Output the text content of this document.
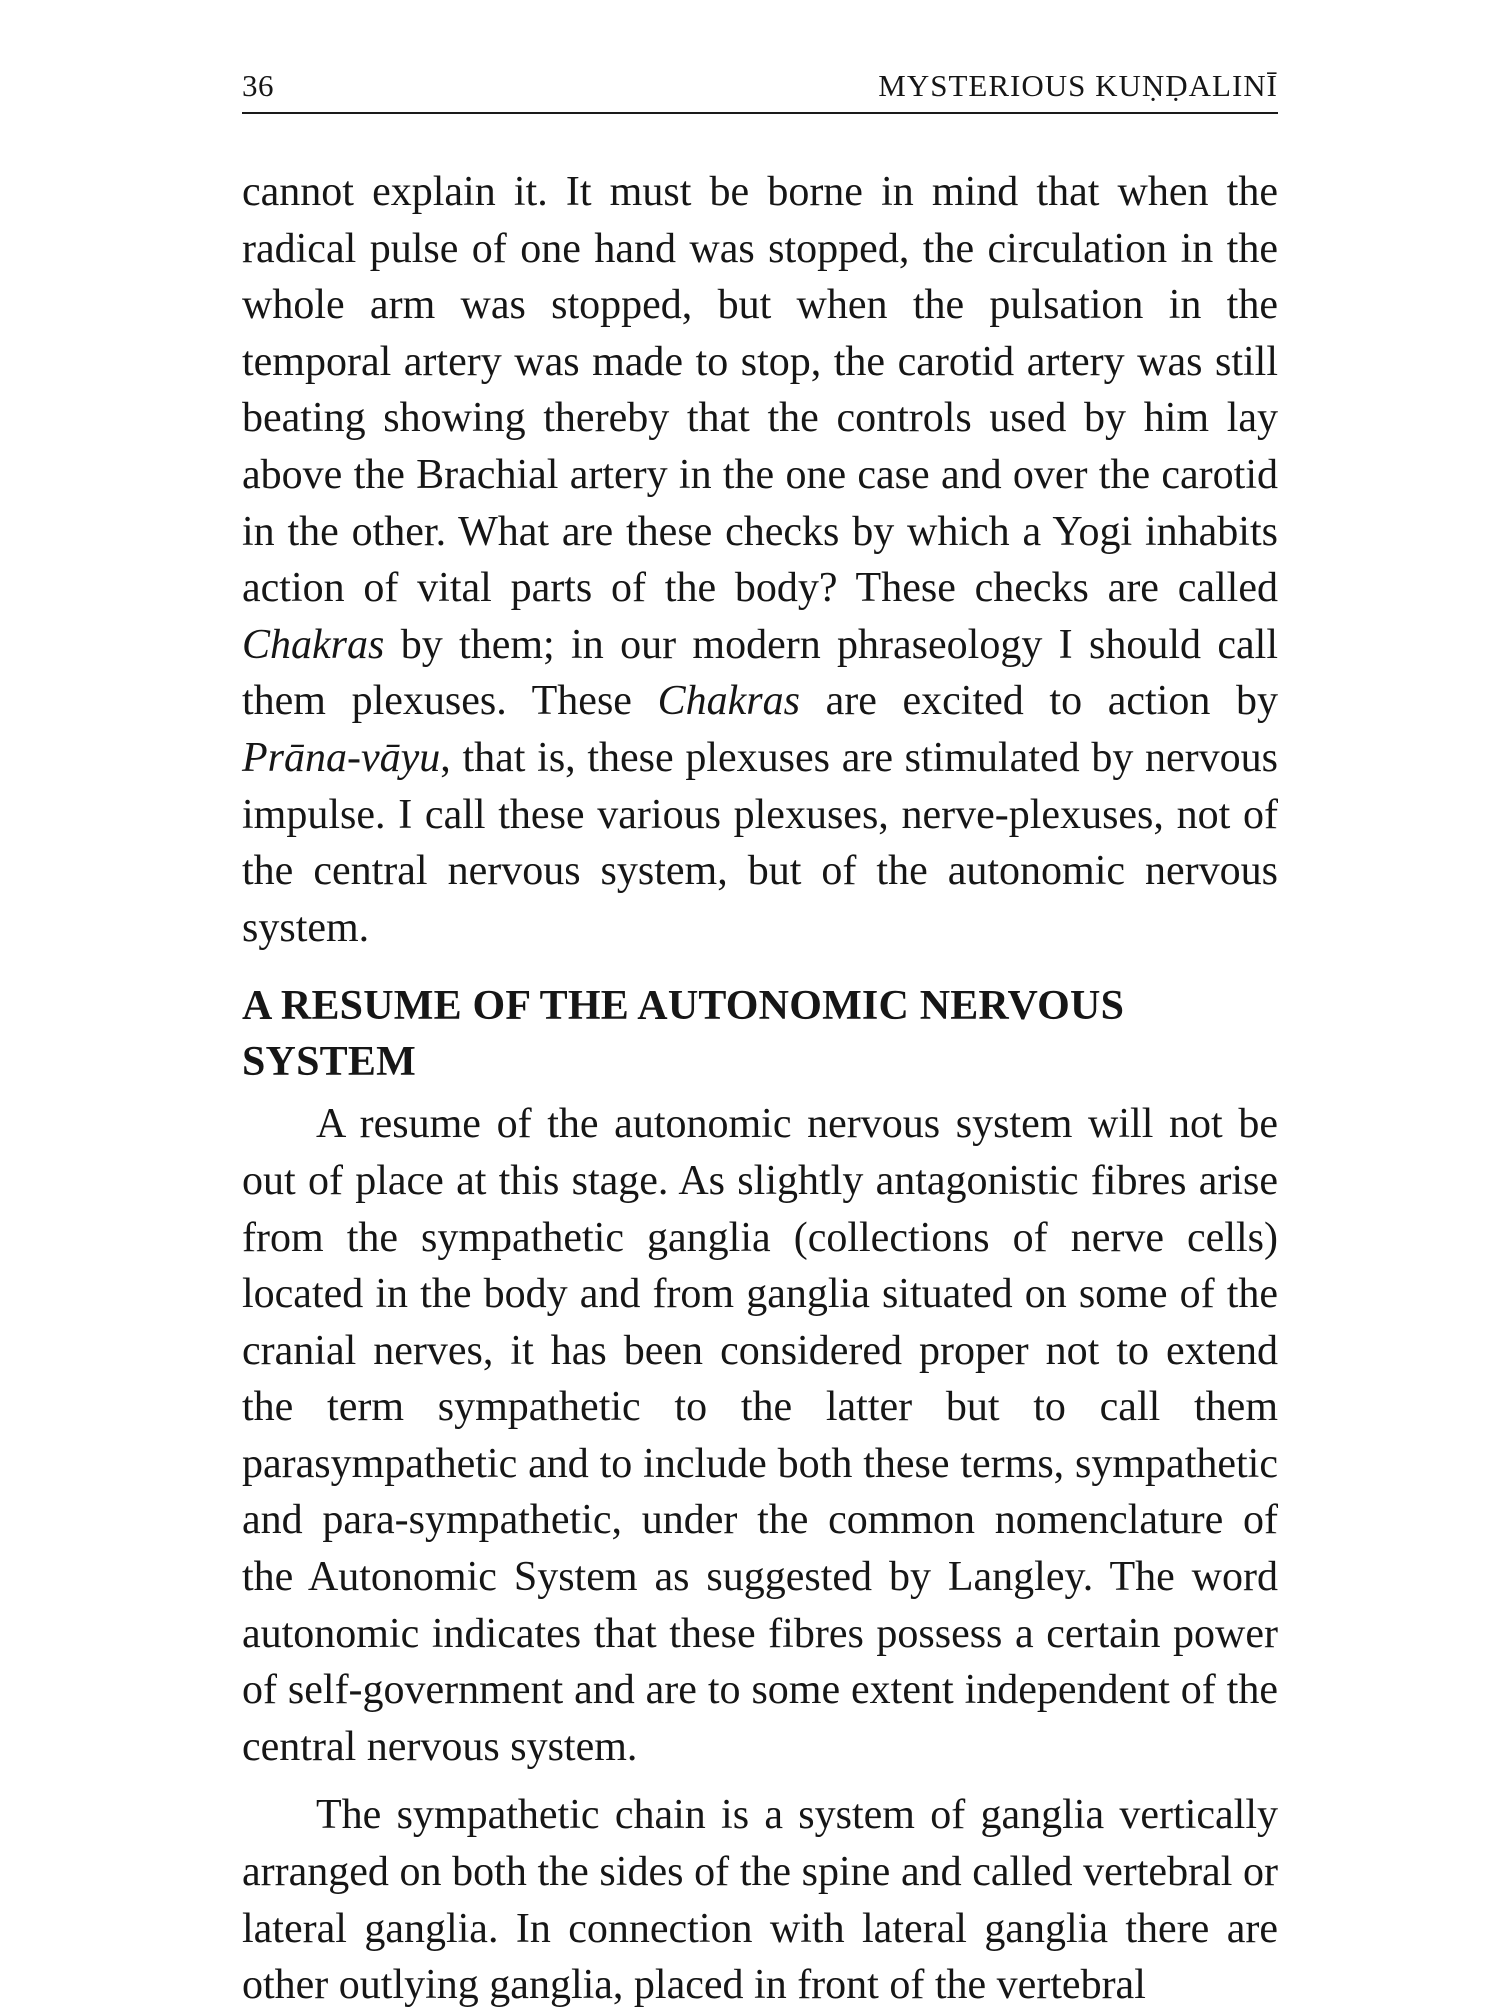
36	MYSTERIOUS KUṆḌALINĪ

cannot explain it. It must be borne in mind that when the radical pulse of one hand was stopped, the circulation in the whole arm was stopped, but when the pulsation in the temporal artery was made to stop, the carotid artery was still beating showing thereby that the controls used by him lay above the Brachial artery in the one case and over the carotid in the other. What are these checks by which a Yogi inhabits action of vital parts of the body? These checks are called Chakras by them; in our modern phraseology I should call them plexuses. These Chakras are excited to action by Prāna-vāyu, that is, these plexuses are stimulated by nervous impulse. I call these various plexuses, nerve-plexuses, not of the central nervous system, but of the autonomic nervous system.

A RESUME OF THE AUTONOMIC NERVOUS SYSTEM

A resume of the autonomic nervous system will not be out of place at this stage. As slightly antagonistic fibres arise from the sympathetic ganglia (collections of nerve cells) located in the body and from ganglia situated on some of the cranial nerves, it has been considered proper not to extend the term sympathetic to the latter but to call them parasympathetic and to include both these terms, sympathetic and para-sympathetic, under the common nomenclature of the Autonomic System as suggested by Langley. The word autonomic indicates that these fibres possess a certain power of self-government and are to some extent independent of the central nervous system.

The sympathetic chain is a system of ganglia vertically arranged on both the sides of the spine and called vertebral or lateral ganglia. In connection with lateral ganglia there are other outlying ganglia, placed in front of the vertebral
